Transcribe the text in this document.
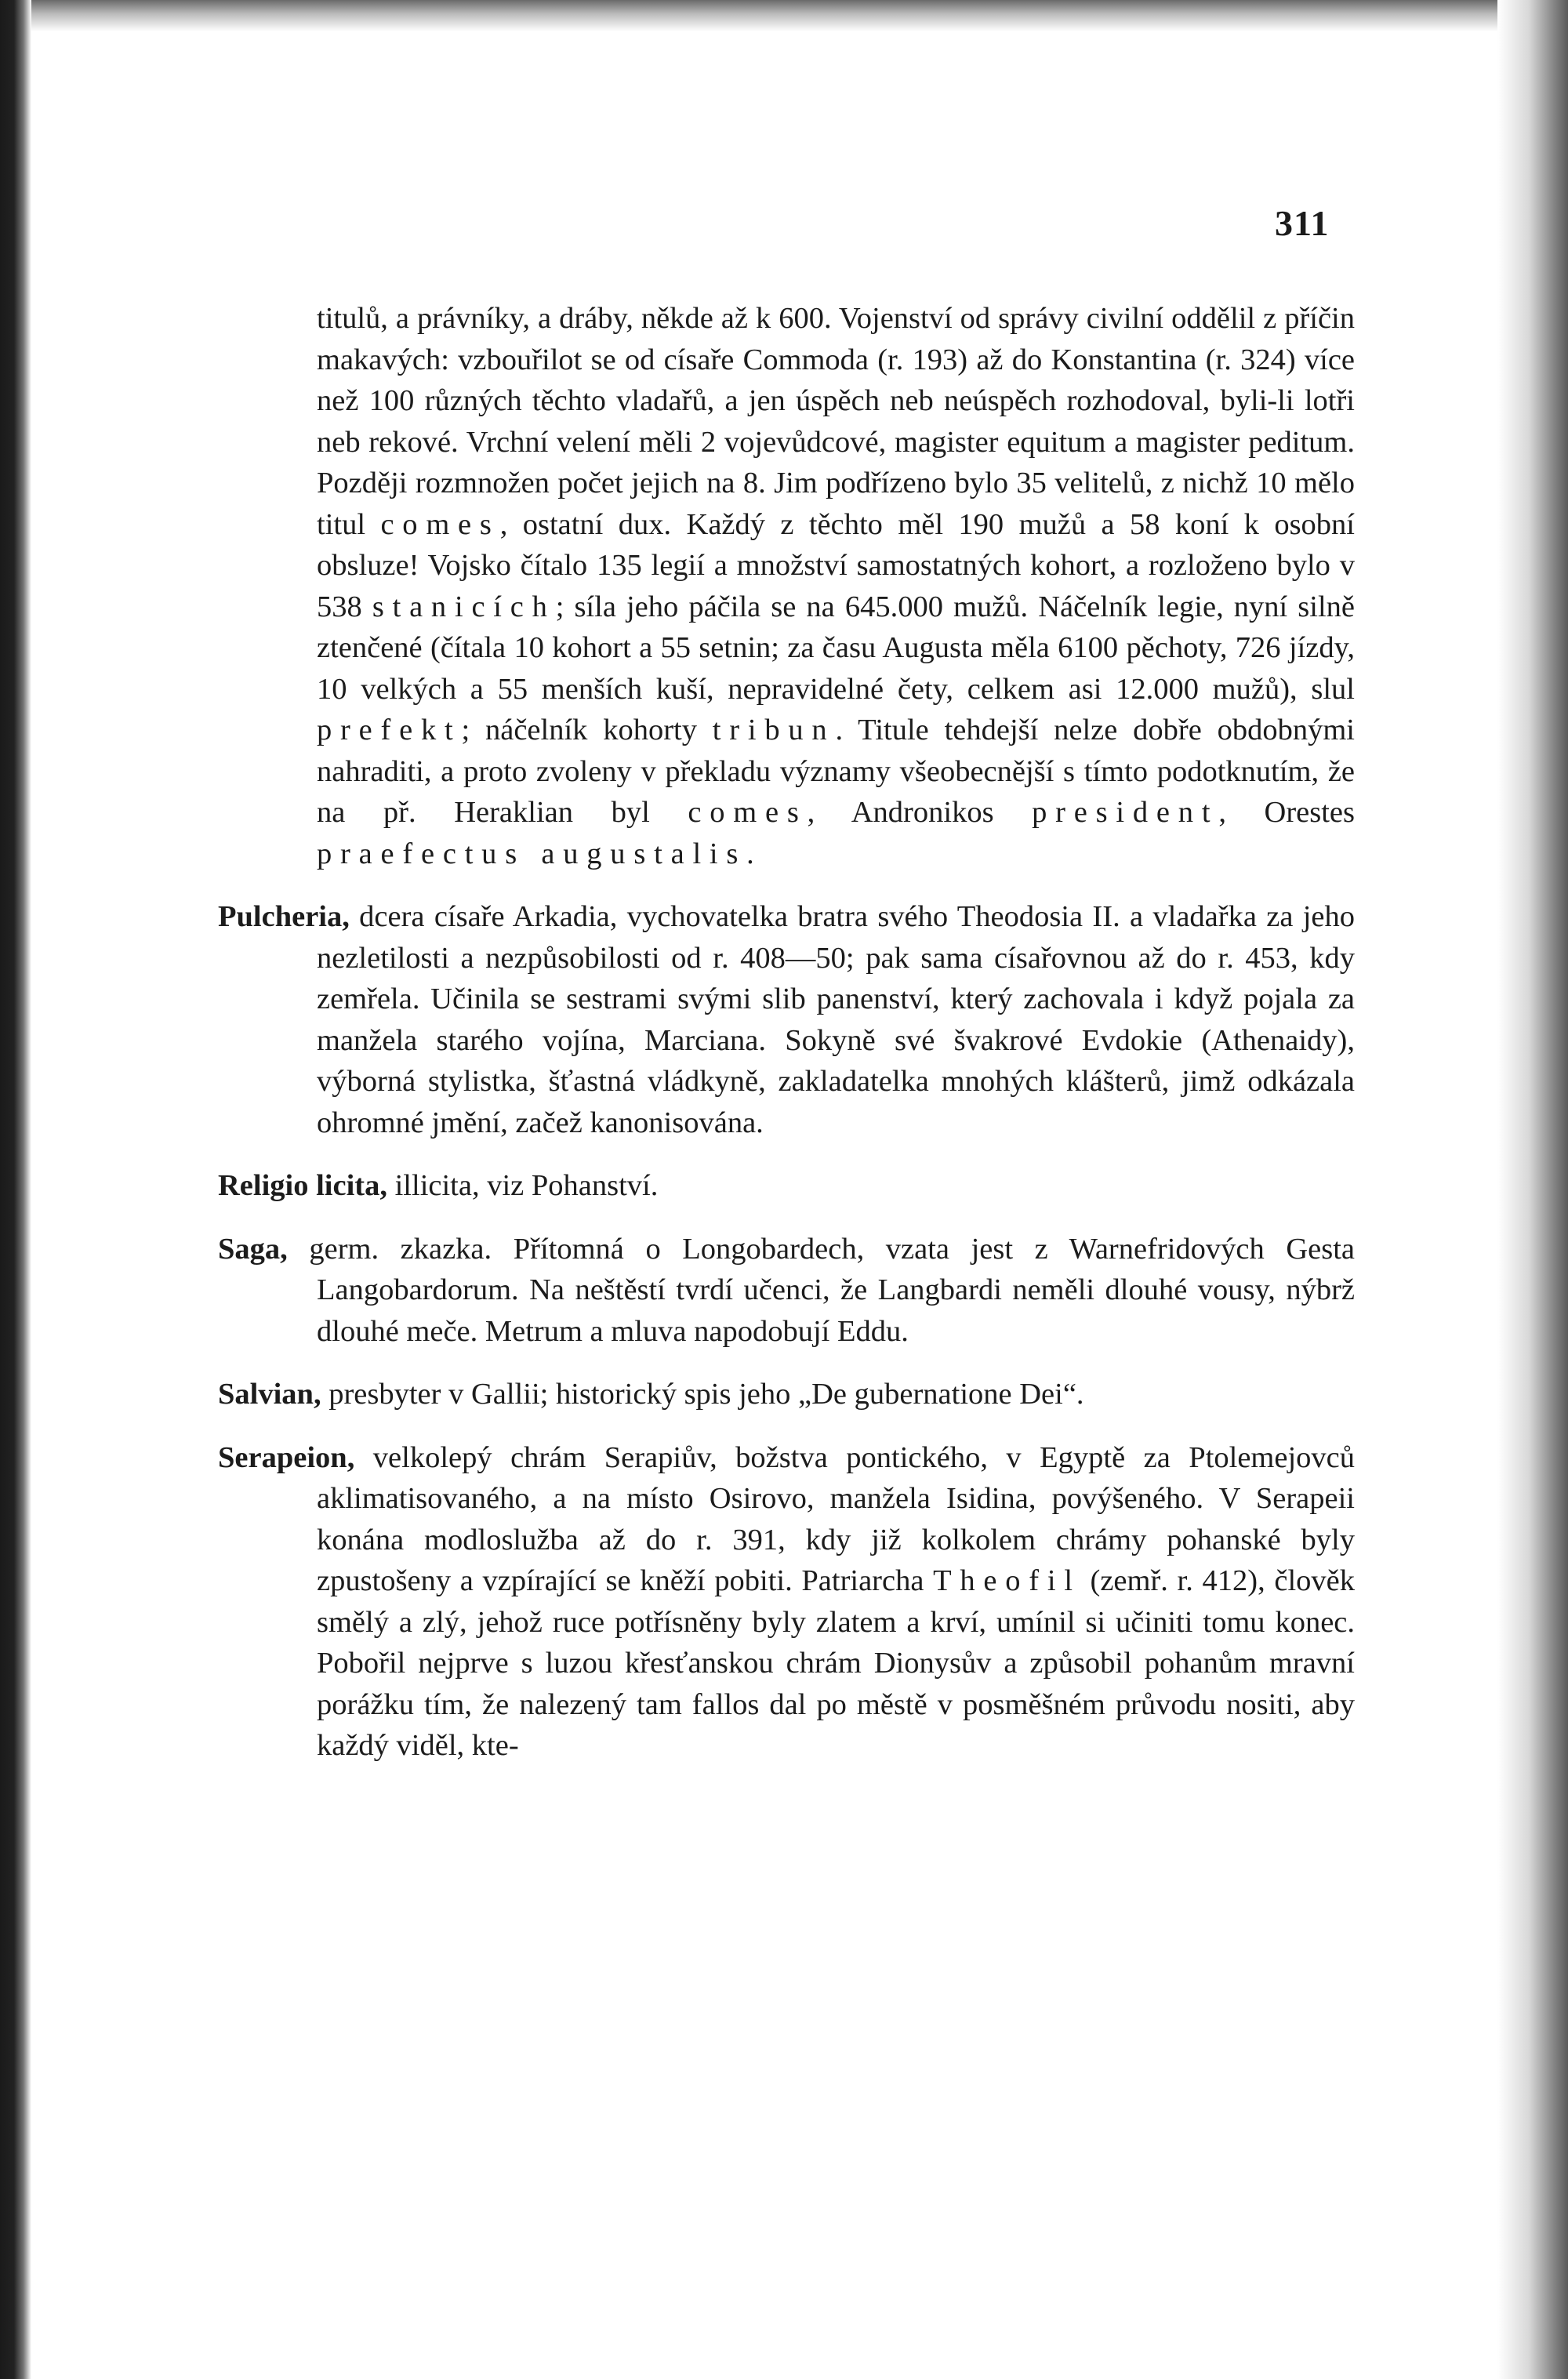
311

titulů, a právníky, a dráby, někde až k 600. Vojenství od správy civilní oddělil z příčin makavých: vzbouřilot se od císaře Commoda (r. 193) až do Konstantina (r. 324) více než 100 různých těchto vladařů, a jen úspěch neb neúspěch rozhodoval, byli-li lotři neb rekové. Vrchní velení měli 2 vojevůdcové, magister equitum a magister peditum. Později rozmnožen počet jejich na 8. Jim podřízeno bylo 35 velitelů, z nichž 10 mělo titul comes, ostatní dux. Každý z těchto měl 190 mužů a 58 koní k osobní obsluze! Vojsko čítalo 135 legií a množství samostatných kohort, a rozloženo bylo v 538 stanicích; síla jeho páčila se na 645.000 mužů. Náčelník legie, nyní silně ztenčené (čítala 10 kohort a 55 setnin; za času Augusta měla 6100 pěchoty, 726 jízdy, 10 velkých a 55 menších kuší, nepravidelné čety, celkem asi 12.000 mužů), slul prefekt; náčelník kohorty tribun. Titule tehdejší nelze dobře obdobnými nahraditi, a proto zvoleny v překladu významy všeobecnější s tímto podotknutím, že na př. Heraklian byl comes, Andronikos president, Orestes praefectus augustalis.

Pulcheria, dcera císaře Arkadia, vychovatelka bratra svého Theodosia II. a vladařka za jeho nezletilosti a nezpůsobilosti od r. 408—50; pak sama císařovnou až do r. 453, kdy zemřela. Učinila se sestrami svými slib panenství, který zachovala i když pojala za manžela starého vojína, Marciana. Sokyně své švakrové Evdokie (Athenaidy), výborná stylistka, šťastná vládkyně, zakladatelka mnohých klášterů, jimž odkázala ohromné jmění, začež kanonisována.

Religio licita, illicita, viz Pohanství.

Saga, germ. zkazka. Přítomná o Longobardech, vzata jest z Warnefridových Gesta Langobardorum. Na neštěstí tvrdí učenci, že Langbardi neměli dlouhé vousy, nýbrž dlouhé meče. Metrum a mluva napodobují Eddu.

Salvian, presbyter v Gallii; historický spis jeho „De gubernatione Dei“.

Serapeion, velkolepý chrám Serapiův, božstva pontického, v Egyptě za Ptolemejovců aklimatisovaného, a na místo Osirovo, manžela Isidina, povýšeného. V Serapeii konána modloslužba až do r. 391, kdy již kolkolem chrámy pohanské byly zpustošeny a vzpírající se kněží pobiti. Patriarcha Theofil (zemř. r. 412), člověk smělý a zlý, jehož ruce potřísněny byly zlatem a krví, umínil si učiniti tomu konec. Pobořil nejprve s luzou křesťanskou chrám Dionysův a způsobil pohanům mravní porážku tím, že nalezený tam fallos dal po městě v posměšném průvodu nositi, aby každý viděl, kte-
